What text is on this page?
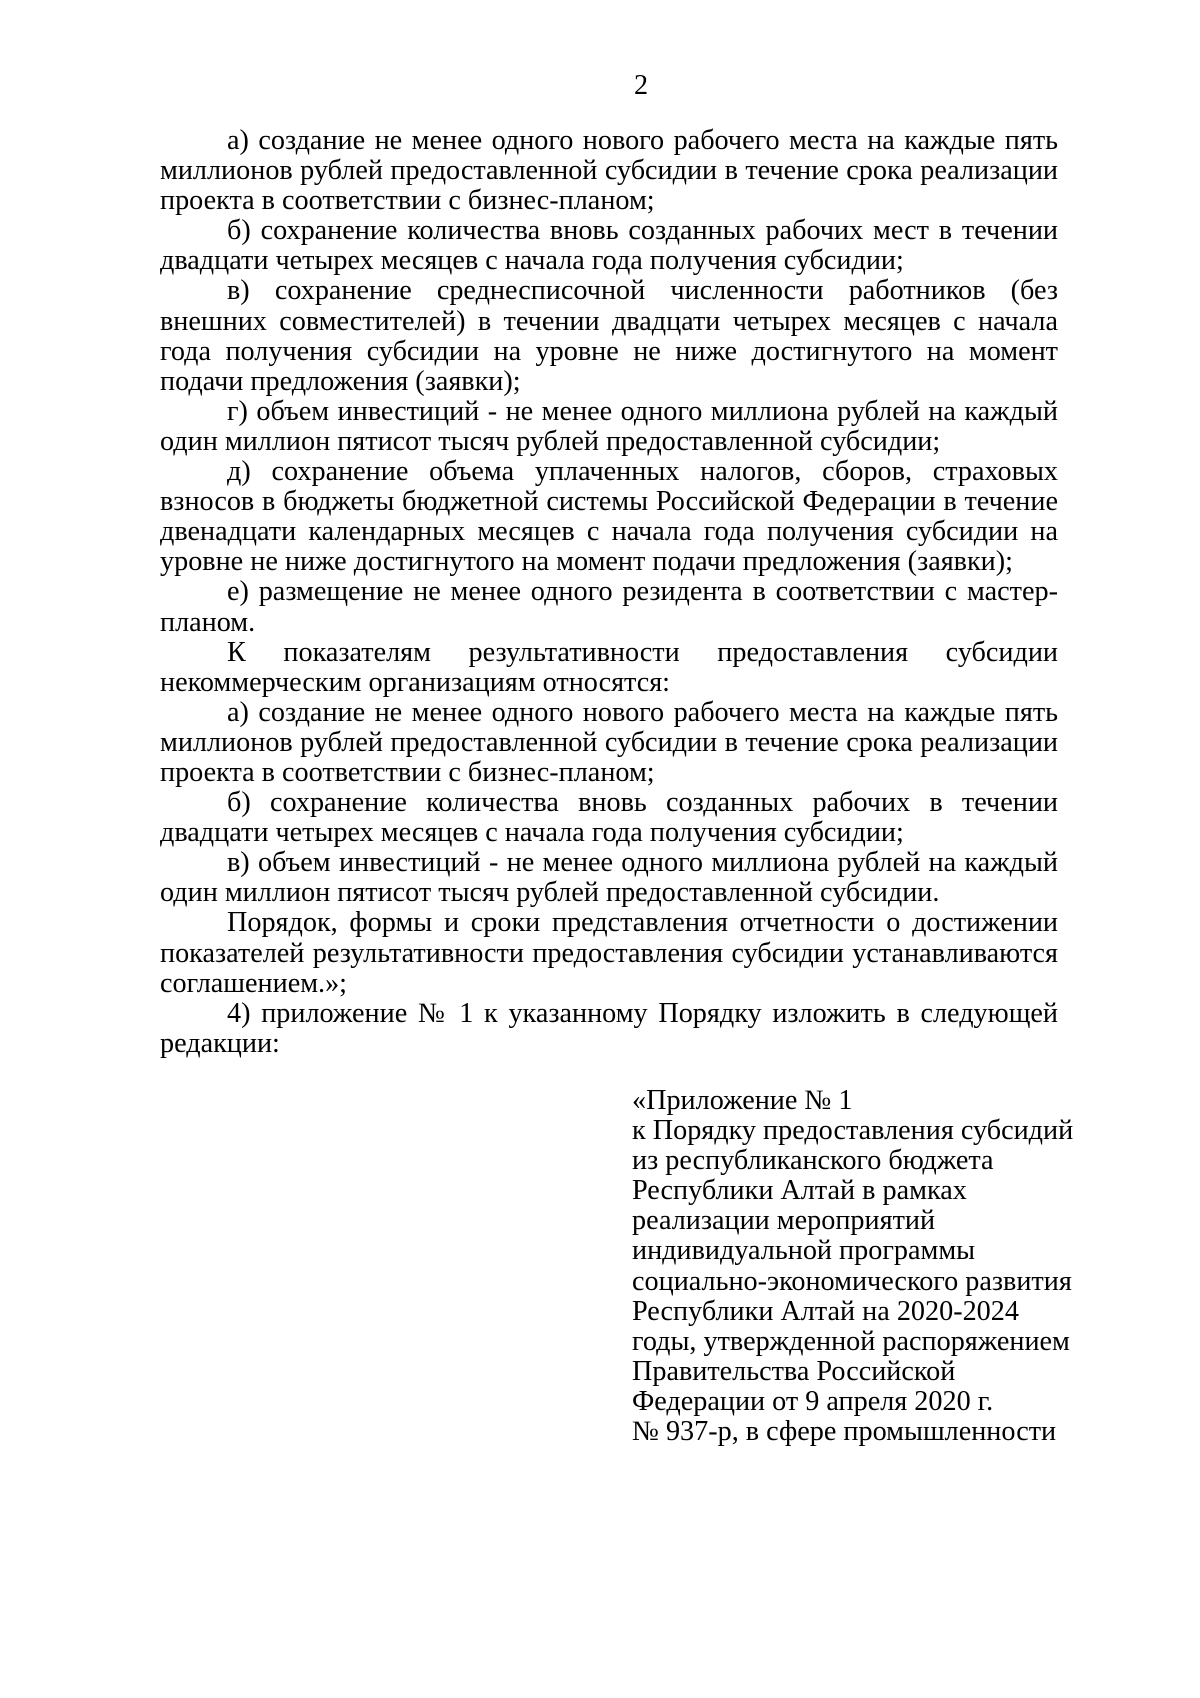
2

а) создание не менее одного нового рабочего места на каждые пять миллионов рублей предоставленной субсидии в течение срока реализации проекта в соответствии с бизнес-планом;

б) сохранение количества вновь созданных рабочих мест в течении двадцати четырех месяцев с начала года получения субсидии;

в) сохранение среднесписочной численности работников (без внешних совместителей) в течении двадцати четырех месяцев с начала года получения субсидии на уровне не ниже достигнутого на момент подачи предложения (заявки);

г) объем инвестиций - не менее одного миллиона рублей на каждый один миллион пятисот тысяч рублей предоставленной субсидии;

д) сохранение объема уплаченных налогов, сборов, страховых взносов в бюджеты бюджетной системы Российской Федерации в течение двенадцати календарных месяцев с начала года получения субсидии на уровне не ниже достигнутого на момент подачи предложения (заявки);

е) размещение не менее одного резидента в соответствии с мастер-планом.

К показателям результативности предоставления субсидии некоммерческим организациям относятся:

а) создание не менее одного нового рабочего места на каждые пять миллионов рублей предоставленной субсидии в течение срока реализации проекта в соответствии с бизнес-планом;

б) сохранение количества вновь созданных рабочих в течении двадцати четырех месяцев с начала года получения субсидии;

в) объем инвестиций - не менее одного миллиона рублей на каждый один миллион пятисот тысяч рублей предоставленной субсидии.

Порядок, формы и сроки представления отчетности о достижении показателей результативности предоставления субсидии устанавливаются соглашением.»;

4) приложение № 1 к указанному Порядку изложить в следующей редакции:

«Приложение № 1
к Порядку предоставления субсидий
из республиканского бюджета
Республики Алтай в рамках
реализации мероприятий
индивидуальной программы
социально-экономического развития
Республики Алтай на 2020-2024
годы, утвержденной распоряжением
Правительства Российской
Федерации от 9 апреля 2020 г.
№ 937-р, в сфере промышленности
